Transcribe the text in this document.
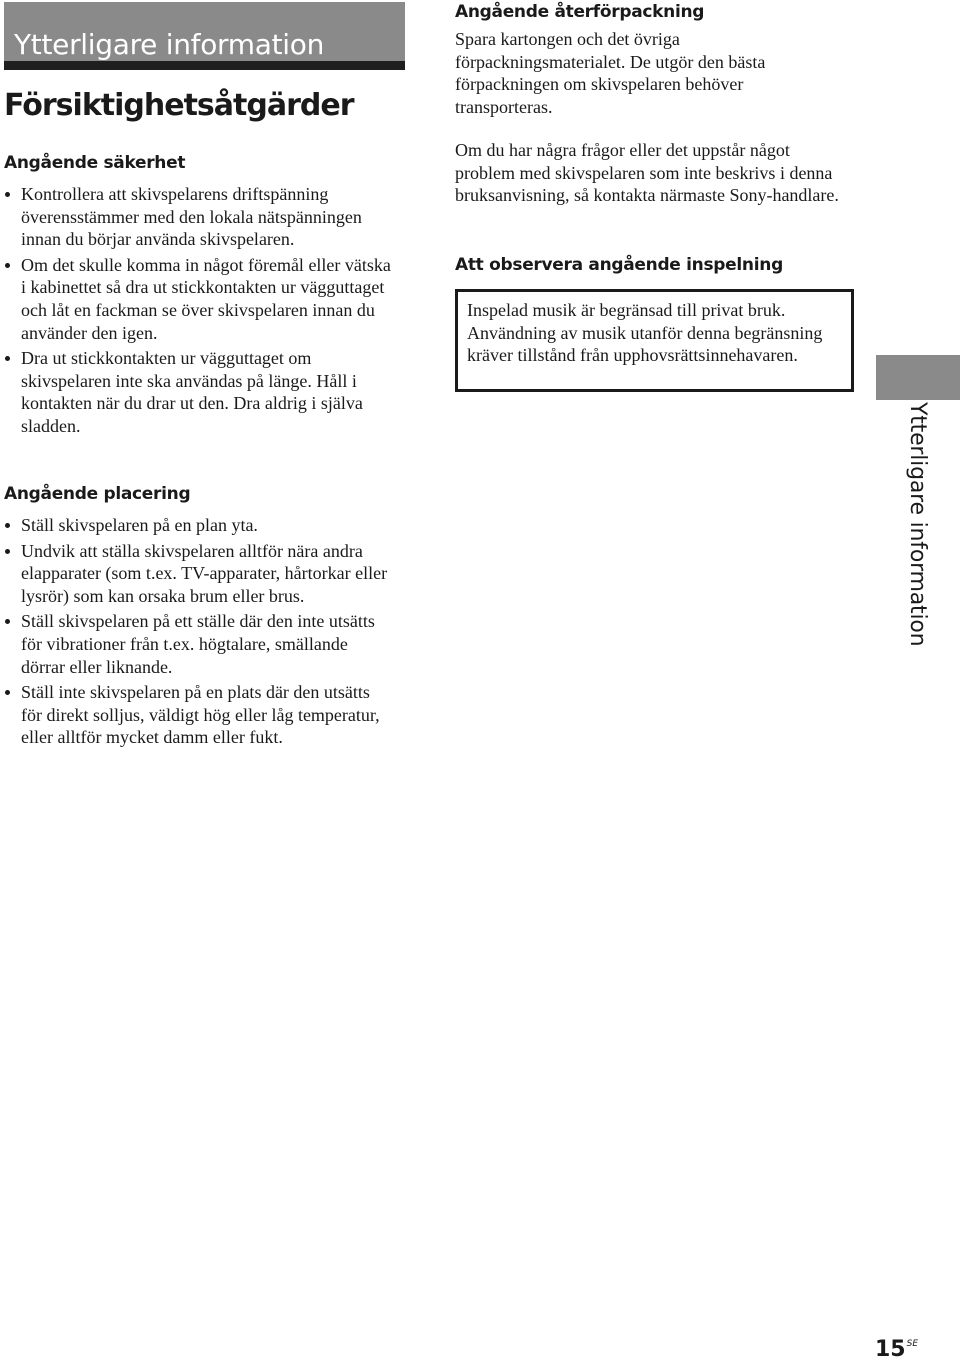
Ytterligare information
Försiktighetsåtgärder
Angående säkerhet
Kontrollera att skivspelarens driftspänning överensstämmer med den lokala nätspänningen innan du börjar använda skivspelaren.
Om det skulle komma in något föremål eller vätska i kabinettet så dra ut stickkontakten ur vägguttaget och låt en fackman se över skivspelaren innan du använder den igen.
Dra ut stickkontakten ur vägguttaget om skivspelaren inte ska användas på länge. Håll i kontakten när du drar ut den. Dra aldrig i själva sladden.
Angående placering
Ställ skivspelaren på en plan yta.
Undvik att ställa skivspelaren alltför nära andra elapparater (som t.ex. TV-apparater, hårtorkar eller lysrör) som kan orsaka brum eller brus.
Ställ skivspelaren på ett ställe där den inte utsätts för vibrationer från t.ex. högtalare, smällande dörrar eller liknande.
Ställ inte skivspelaren på en plats där den utsätts för direkt solljus, väldigt hög eller låg temperatur, eller alltför mycket damm eller fukt.
Angående återförpackning

Spara kartongen och det övriga förpackningsmaterialet. De utgör den bästa förpackningen om skivspelaren behöver transporteras.

Om du har några frågor eller det uppstår något problem med skivspelaren som inte beskrivs i denna bruksanvisning, så kontakta närmaste Sony-handlare.

Att observera angående inspelning
Inspelad musik är begränsad till privat bruk. Användning av musik utanför denna begränsning kräver tillstånd från upphovsrättsinnehavaren.
Ytterligare information
$15^{SE}$
